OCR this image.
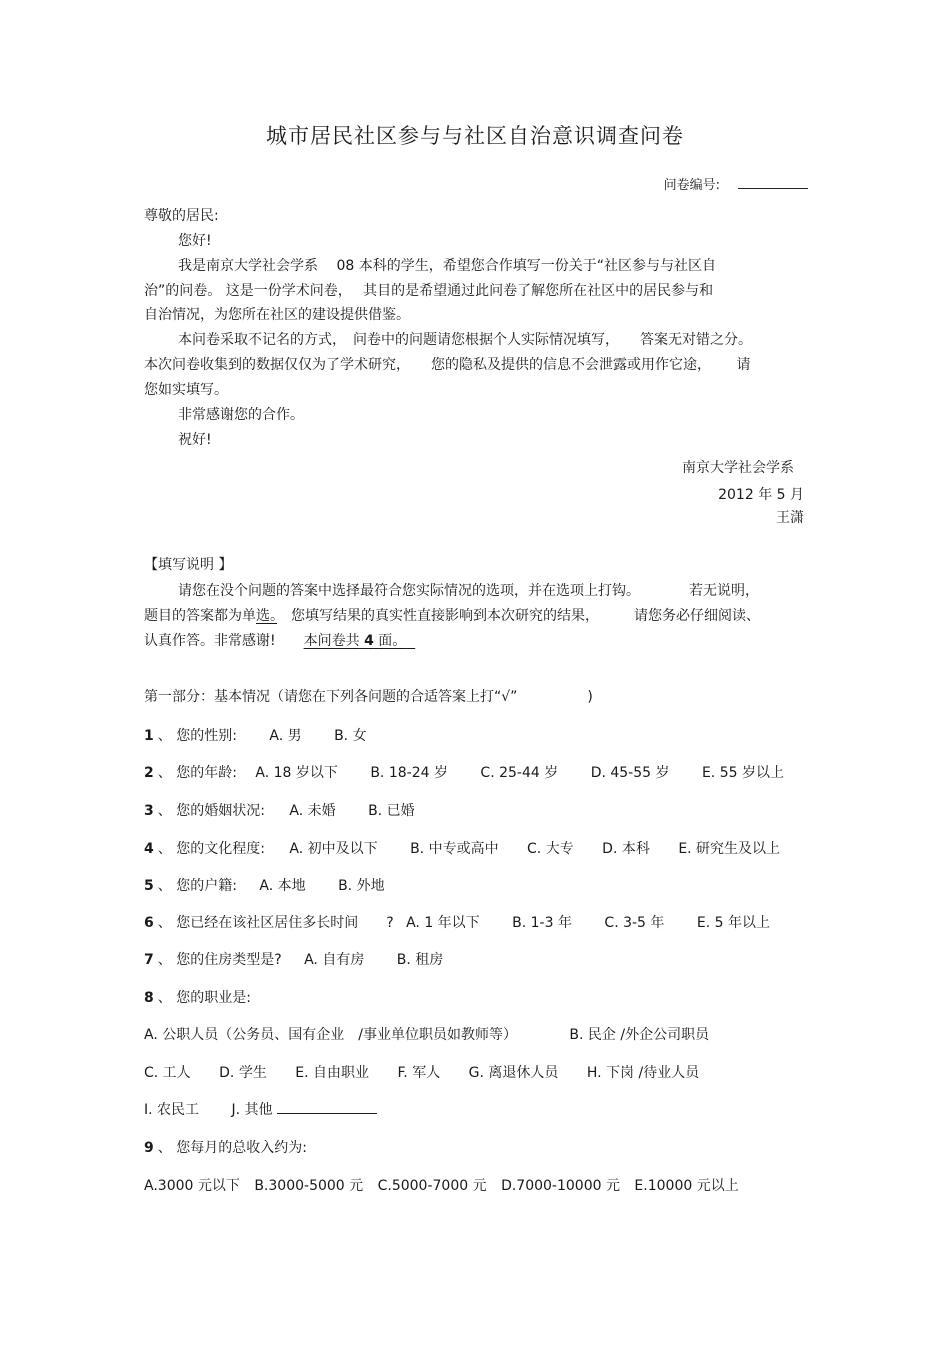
城市居民社区参与与社区自治意识调查问卷
问卷编号:
尊敬的居民:
您好!
我是南京大学社会学系　 08 本科的学生，希望您合作填写一份关于“社区参与与社区自
治”的问卷。 这是一份学术问卷，　 其目的是希望通过此问卷了解您所在社区中的居民参与和
自治情况，为您所在社区的建设提供借鉴。
本问卷采取不记名的方式，　问卷中的问题请您根据个人实际情况填写，　　答案无对错之分。
本次问卷收集到的数据仅仅为了学术研究，　　您的隐私及提供的信息不会泄露或用作它途，　　 请
您如实填写。
非常感谢您的合作。
祝好!
南京大学社会学系
2012 年 5 月
王潇
【填写说明 】
请您在没个问题的答案中选择最符合您实际情况的选项，并在选项上打钩。　　　　若无说明，
题目的答案都为单选。　您填写结果的真实性直接影响到本次研究的结果，　　　请您务必仔细阅读、
认真作答。非常感谢!　　本问卷共 4 面。
第一部分：基本情况（请您在下列各问题的合适答案上打“√”　　　　　)
1 、 您的性别: A. 男 B. 女
2 、 您的年龄: A. 18 岁以下 B. 18-24 岁 C. 25-44 岁 D. 45-55 岁 E. 55 岁以上
3 、 您的婚姻状况: A. 未婚 B. 已婚
4 、 您的文化程度: A. 初中及以下 B. 中专或高中 C. 大专 D. 本科 E. 研究生及以上
5 、 您的户籍: A. 本地 B. 外地
6 、 您已经在该社区居住多长时间　　? A. 1 年以下 B. 1-3 年 C. 3-5 年 E. 5 年以上
7 、 您的住房类型是? A. 自有房 B. 租房
8 、 您的职业是:
A. 公职人员（公务员、国有企业　/事业单位职员如教师等）	B. 民企 /外企公司职员
C. 工人 D. 学生 E. 自由职业 F. 军人 G. 离退休人员 H. 下岗 /待业人员
I. 农民工 J. 其他
9 、 您每月的总收入约为:
A.3000 元以下 B.3000-5000 元 C.5000-7000 元 D.7000-10000 元 E.10000 元以上
